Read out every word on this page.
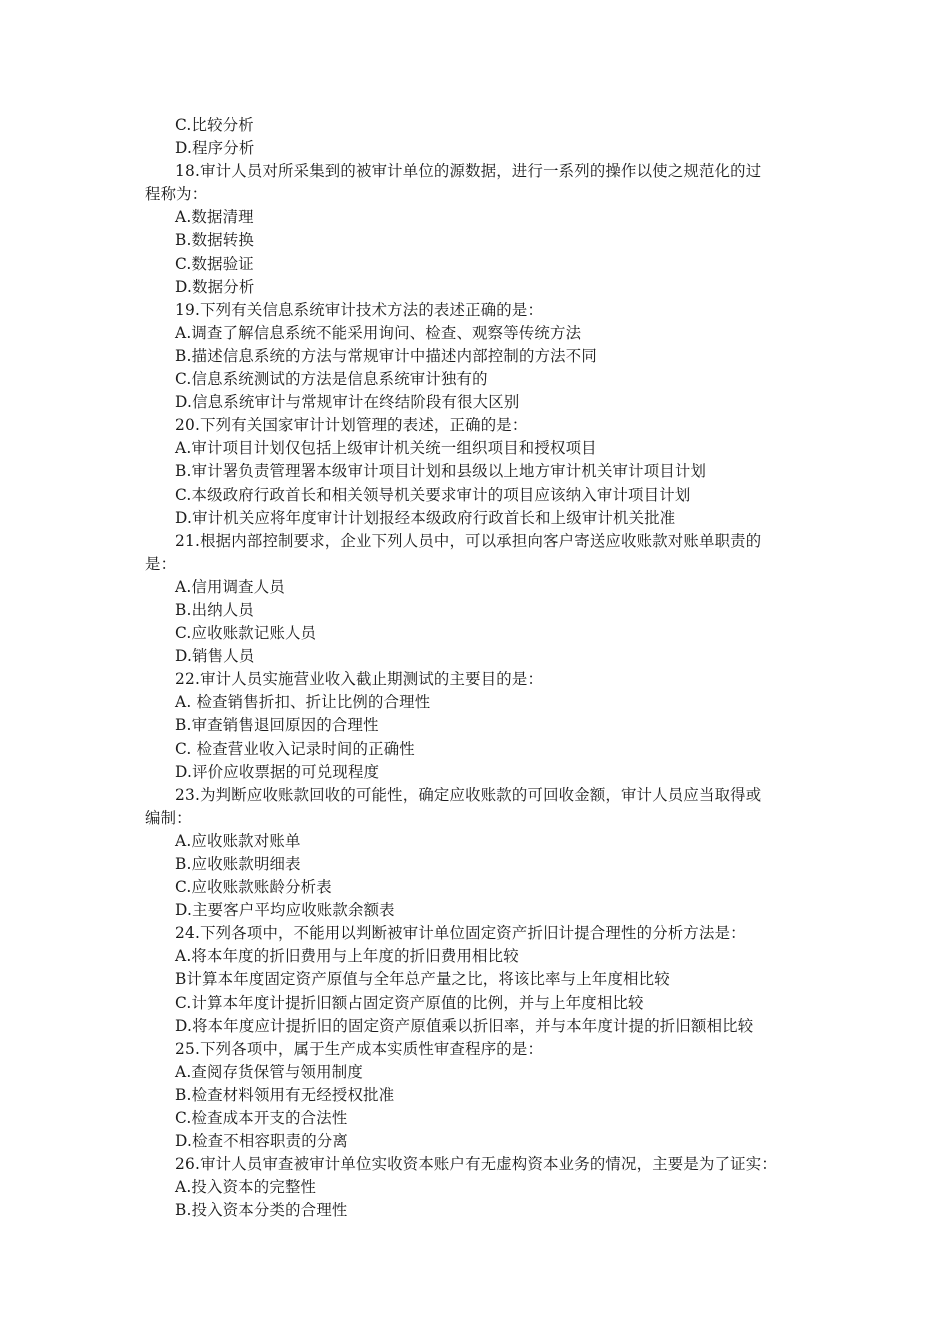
C.比较分析
D.程序分析
18.审计人员对所采集到的被审计单位的源数据，进行一系列的操作以使之规范化的过
程称为：
A.数据清理
B.数据转换
C.数据验证
D.数据分析
19.下列有关信息系统审计技术方法的表述正确的是：
A.调查了解信息系统不能采用询问、检查、观察等传统方法
B.描述信息系统的方法与常规审计中描述内部控制的方法不同
C.信息系统测试的方法是信息系统审计独有的
D.信息系统审计与常规审计在终结阶段有很大区别
20.下列有关国家审计计划管理的表述，正确的是：
A.审计项目计划仅包括上级审计机关统一组织项目和授权项目
B.审计署负责管理署本级审计项目计划和县级以上地方审计机关审计项目计划
C.本级政府行政首长和相关领导机关要求审计的项目应该纳入审计项目计划
D.审计机关应将年度审计计划报经本级政府行政首长和上级审计机关批准
21.根据内部控制要求，企业下列人员中，可以承担向客户寄送应收账款对账单职责的
是：
A.信用调查人员
B.出纳人员
C.应收账款记账人员
D.销售人员
22.审计人员实施营业收入截止期测试的主要目的是：
A. 检查销售折扣、折让比例的合理性
B.审查销售退回原因的合理性
C. 检查营业收入记录时间的正确性
D.评价应收票据的可兑现程度
23.为判断应收账款回收的可能性，确定应收账款的可回收金额，审计人员应当取得或
编制：
A.应收账款对账单
B.应收账款明细表
C.应收账款账龄分析表
D.主要客户平均应收账款余额表
24.下列各项中，不能用以判断被审计单位固定资产折旧计提合理性的分析方法是：
A.将本年度的折旧费用与上年度的折旧费用相比较
B计算本年度固定资产原值与全年总产量之比，将该比率与上年度相比较
C.计算本年度计提折旧额占固定资产原值的比例，并与上年度相比较
D.将本年度应计提折旧的固定资产原值乘以折旧率，并与本年度计提的折旧额相比较
25.下列各项中，属于生产成本实质性审查程序的是：
A.查阅存货保管与领用制度
B.检查材料领用有无经授权批准
C.检查成本开支的合法性
D.检查不相容职责的分离
26.审计人员审查被审计单位实收资本账户有无虚构资本业务的情况，主要是为了证实：
A.投入资本的完整性
B.投入资本分类的合理性
